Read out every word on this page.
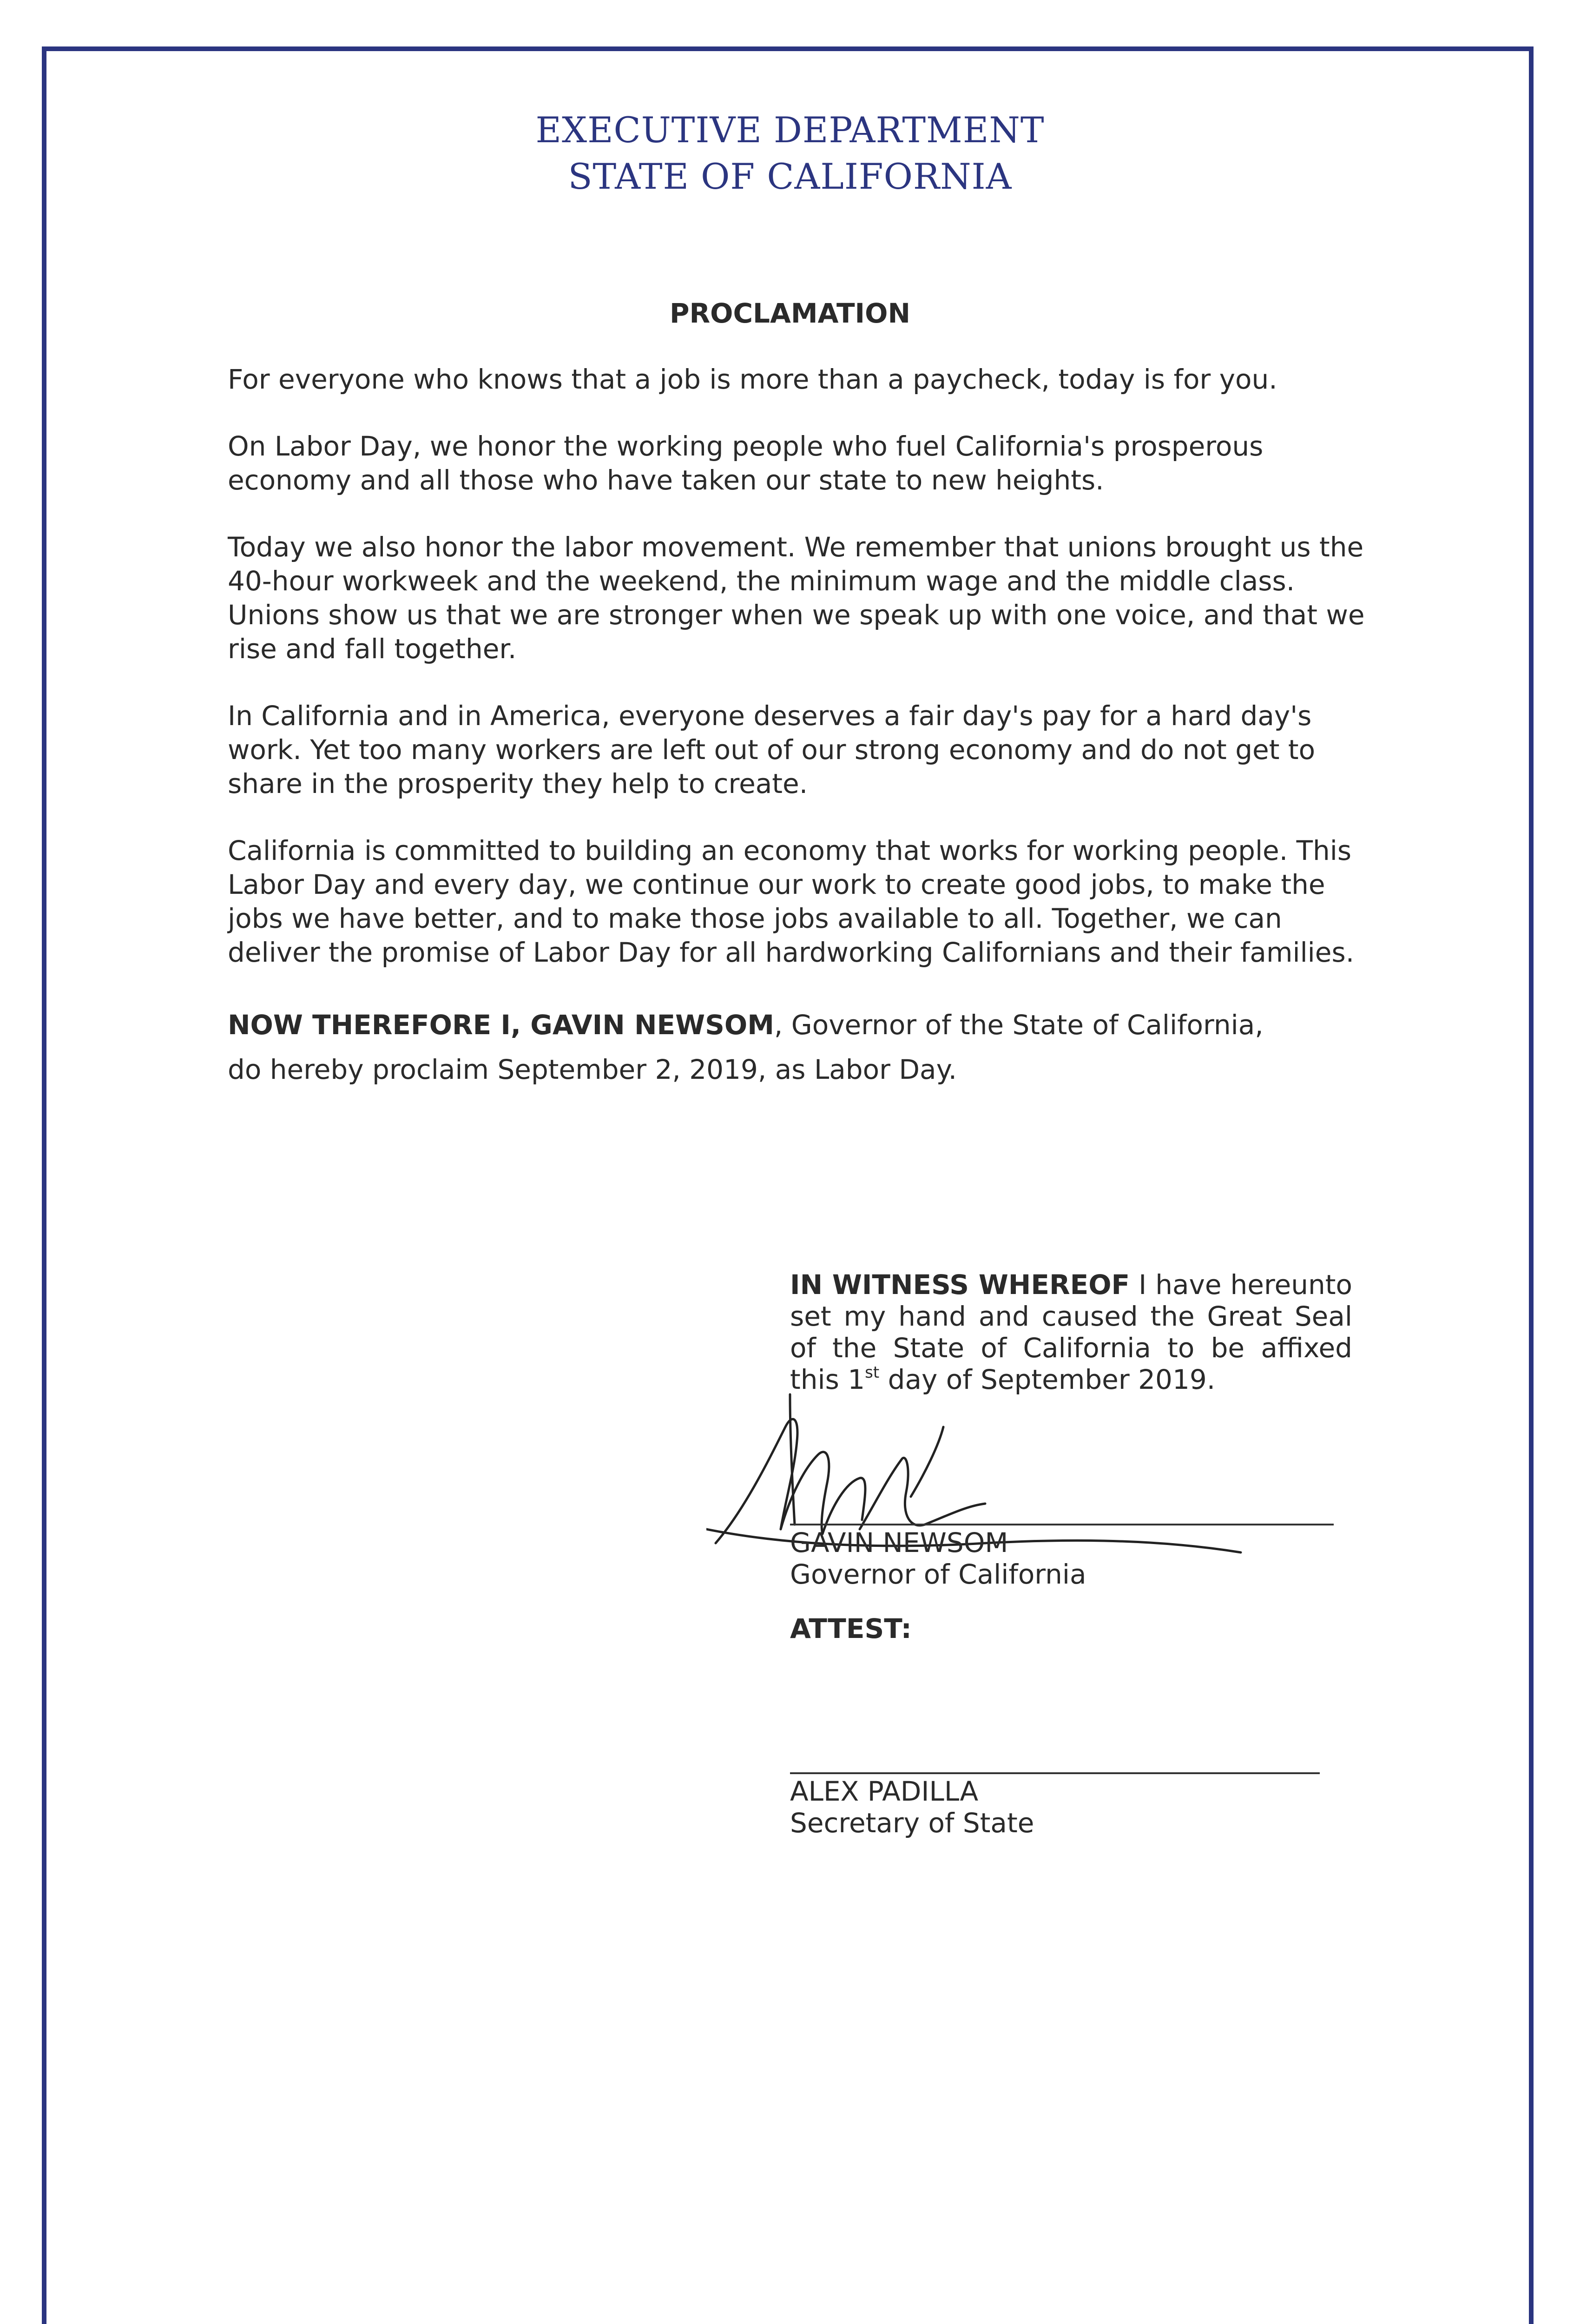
EXECUTIVE DEPARTMENT
STATE OF CALIFORNIA
PROCLAMATION

For everyone who knows that a job is more than a paycheck, today is for you.

On Labor Day, we honor the working people who fuel California's prosperous economy and all those who have taken our state to new heights.

Today we also honor the labor movement. We remember that unions brought us the 40-hour workweek and the weekend, the minimum wage and the middle class. Unions show us that we are stronger when we speak up with one voice, and that we rise and fall together.

In California and in America, everyone deserves a fair day's pay for a hard day's work. Yet too many workers are left out of our strong economy and do not get to share in the prosperity they help to create.

California is committed to building an economy that works for working people. This Labor Day and every day, we continue our work to create good jobs, to make the jobs we have better, and to make those jobs available to all. Together, we can deliver the promise of Labor Day for all hardworking Californians and their families.

NOW THEREFORE I, GAVIN NEWSOM, Governor of the State of California,
do hereby proclaim September 2, 2019, as Labor Day.

IN WITNESS WHEREOF I have hereunto set my hand and caused the Great Seal of the State of California to be affixed this 1st day of September 2019.
GAVIN NEWSOM
Governor of California
ATTEST:
ALEX PADILLA
Secretary of State
